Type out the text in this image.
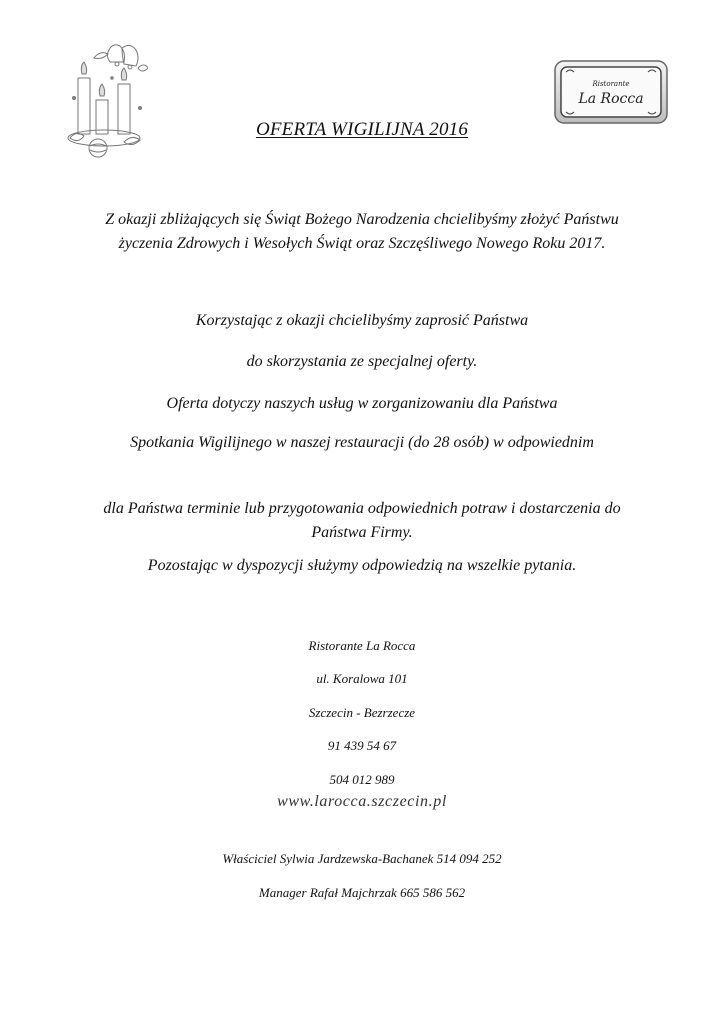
Ristorante
La Rocca
OFERTA WIGILIJNA 2016
Z okazji zbliżających się Świąt Bożego Narodzenia chcielibyśmy złożyć Państwu życzenia Zdrowych i Wesołych Świąt oraz Szczęśliwego Nowego Roku 2017.
Korzystając z okazji chcielibyśmy zaprosić Państwa
do skorzystania ze specjalnej oferty.
Oferta dotyczy naszych usług w zorganizowaniu dla Państwa
Spotkania Wigilijnego w naszej restauracji (do 28 osób) w odpowiednim
dla Państwa terminie lub przygotowania odpowiednich potraw i dostarczenia do Państwa Firmy.
Pozostając w dyspozycji służymy odpowiedzią na wszelkie pytania.
Ristorante La Rocca
ul. Koralowa 101
Szczecin - Bezrzecze
91 439 54 67
504 012 989
www.larocca.szczecin.pl
Właściciel Sylwia Jardzewska-Bachanek 514 094 252
Manager Rafał Majchrzak 665 586 562
